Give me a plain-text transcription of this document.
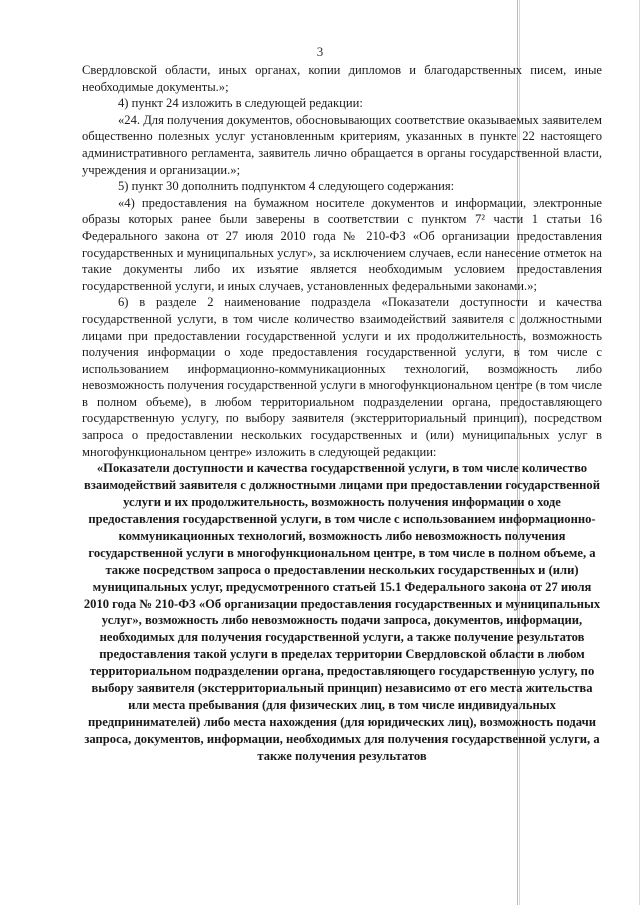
3

Свердловской области, иных органах, копии дипломов и благодарственных писем, иные необходимые документы.»;

4) пункт 24 изложить в следующей редакции:

«24. Для получения документов, обосновывающих соответствие оказываемых заявителем общественно полезных услуг установленным критериям, указанных в пункте 22 настоящего административного регламента, заявитель лично обращается в органы государственной власти, учреждения и организации.»;

5) пункт 30 дополнить подпунктом 4 следующего содержания:

«4) предоставления на бумажном носителе документов и информации, электронные образы которых ранее были заверены в соответствии с пунктом 7² части 1 статьи 16 Федерального закона от 27 июля 2010 года № 210-ФЗ «Об организации предоставления государственных и муниципальных услуг», за исключением случаев, если нанесение отметок на такие документы либо их изъятие является необходимым условием предоставления государственной услуги, и иных случаев, установленных федеральными законами.»;

6) в разделе 2 наименование подраздела «Показатели доступности и качества государственной услуги, в том числе количество взаимодействий заявителя с должностными лицами при предоставлении государственной услуги и их продолжительность, возможность получения информации о ходе предоставления государственной услуги, в том числе с использованием информационно-коммуникационных технологий, возможность либо невозможность получения государственной услуги в многофункциональном центре (в том числе в полном объеме), в любом территориальном подразделении органа, предоставляющего государственную услугу, по выбору заявителя (экстерриториальный принцип), посредством запроса о предоставлении нескольких государственных и (или) муниципальных услуг в многофункциональном центре» изложить в следующей редакции:

«Показатели доступности и качества государственной услуги, в том числе количество взаимодействий заявителя с должностными лицами при предоставлении государственной услуги и их продолжительность, возможность получения информации о ходе предоставления государственной услуги, в том числе с использованием информационно-коммуникационных технологий, возможность либо невозможность получения государственной услуги в многофункциональном центре, в том числе в полном объеме, а также посредством запроса о предоставлении нескольких государственных и (или) муниципальных услуг, предусмотренного статьей 15.1 Федерального закона от 27 июля 2010 года № 210-ФЗ «Об организации предоставления государственных и муниципальных услуг», возможность либо невозможность подачи запроса, документов, информации, необходимых для получения государственной услуги, а также получение результатов предоставления такой услуги в пределах территории Свердловской области в любом территориальном подразделении органа, предоставляющего государственную услугу, по выбору заявителя (экстерриториальный принцип) независимо от его места жительства или места пребывания (для физических лиц, в том числе индивидуальных предпринимателей) либо места нахождения (для юридических лиц), возможность подачи запроса, документов, информации, необходимых для получения государственной услуги, а также получения результатов
